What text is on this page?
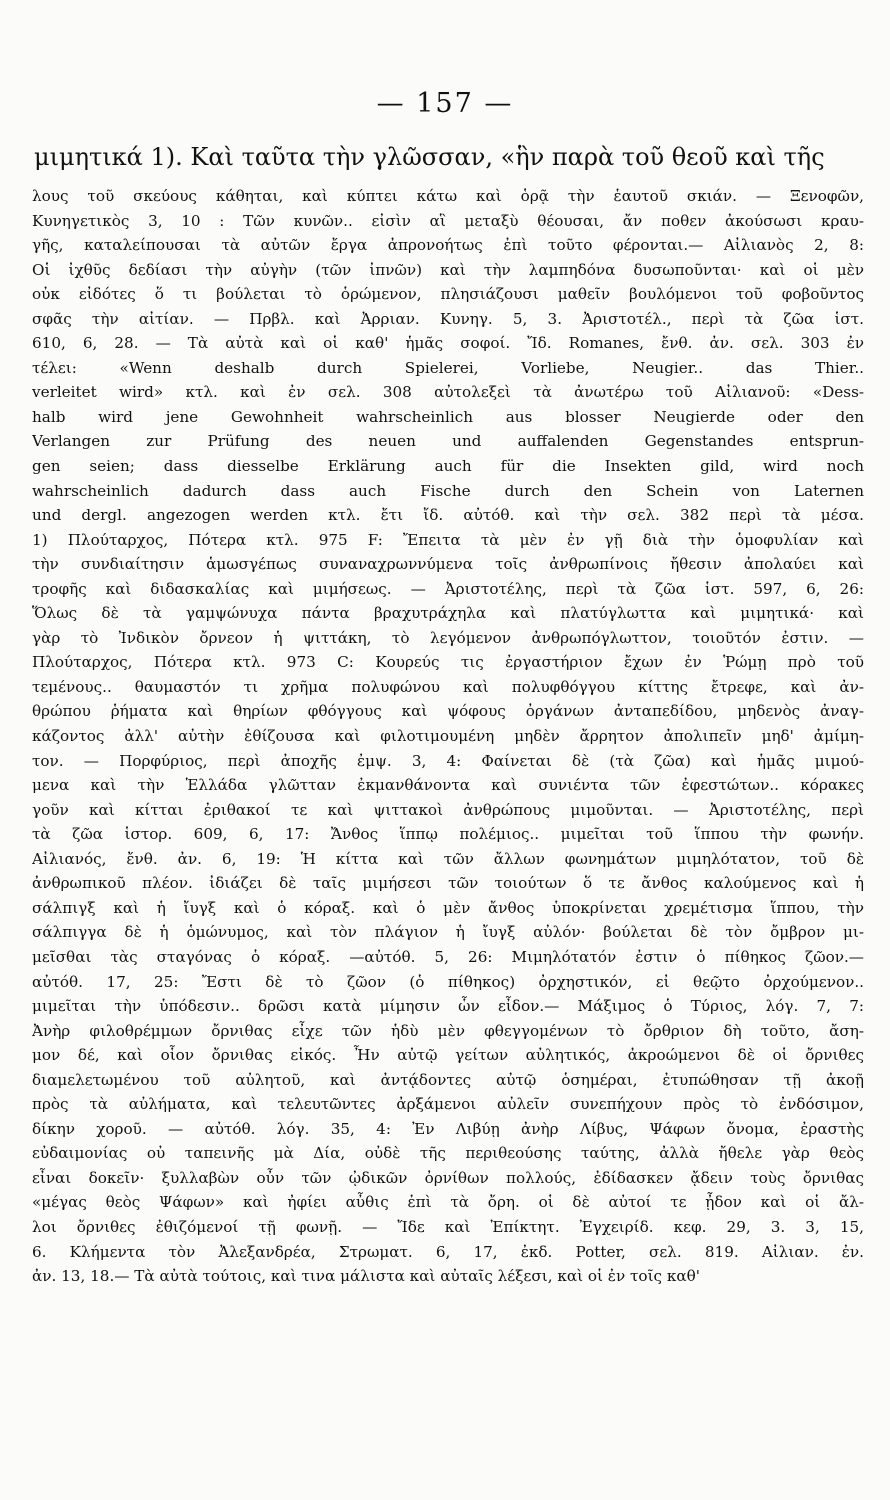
— 157 —
μιμητικά 1). Καὶ ταῦτα τὴν γλῶσσαν, «ἣν παρὰ τοῦ θεοῦ καὶ τῆς
λους τοῦ σκεύους κάθηται, καὶ κύπτει κάτω καὶ ὁρᾷ τὴν ἑαυτοῦ σκιάν. — Ξενοφῶν,
Κυνηγετικὸς 3, 10 : Τῶν κυνῶν.. εἰσὶν αἳ μεταξὺ θέουσαι, ἄν ποθεν ἀκούσωσι κραυ-
γῆς, καταλείπουσαι τὰ αὐτῶν ἔργα ἀπρονοήτως ἐπὶ τοῦτο φέρονται.— Αἰλιανὸς 2, 8:
Οἱ ἰχθῦς δεδίασι τὴν αὐγὴν (τῶν ἰπνῶν) καὶ τὴν λαμπηδόνα δυσωποῦνται· καὶ οἱ μὲν
οὐκ εἰδότες ὅ τι βούλεται τὸ ὁρώμενον, πλησιάζουσι μαθεῖν βουλόμενοι τοῦ φοβοῦντος
σφᾶς τὴν αἰτίαν. — Πρβλ. καὶ Ἀρριαν. Κυνηγ. 5, 3. Ἀριστοτέλ., περὶ τὰ ζῶα ἱστ.
610, 6, 28. — Τὰ αὐτὰ καὶ οἱ καθ' ἡμᾶς σοφοί. Ἴδ. Romanes, ἔνθ. ἀν. σελ. 303 ἐν
τέλει: «Wenn deshalb durch Spielerei, Vorliebe, Neugier.. das Thier..
verleitet wird» κτλ. καὶ ἐν σελ. 308 αὐτολεξεὶ τὰ ἀνωτέρω τοῦ Αἰλιανοῦ: «Dess-
halb wird jene Gewohnheit wahrscheinlich aus blosser Neugierde oder den
Verlangen zur Prüfung des neuen und auffalenden Gegenstandes entsprun-
gen seien; dass diesselbe Erklärung auch für die Insekten gild, wird noch
wahrscheinlich dadurch dass auch Fische durch den Schein von Laternen
und dergl. angezogen werden κτλ. ἔτι ἴδ. αὐτόθ. καὶ τὴν σελ. 382 περὶ τὰ μέσα.
1) Πλούταρχος, Πότερα κτλ. 975 F: Ἔπειτα τὰ μὲν ἐν γῇ διὰ τὴν ὁμοφυλίαν καὶ
τὴν συνδιαίτησιν ἁμωσγέπως συναναχρωννύμενα τοῖς ἀνθρωπίνοις ἤθεσιν ἀπολαύει καὶ
τροφῆς καὶ διδασκαλίας καὶ μιμήσεως. — Ἀριστοτέλης, περὶ τὰ ζῶα ἱστ. 597, 6, 26:
Ὅλως δὲ τὰ γαμψώνυχα πάντα βραχυτράχηλα καὶ πλατύγλωττα καὶ μιμητικά· καὶ
γὰρ τὸ Ἰνδικὸν ὄρνεον ἡ ψιττάκη, τὸ λεγόμενον ἀνθρωπόγλωττον, τοιοῦτόν ἐστιν. —
Πλούταρχος, Πότερα κτλ. 973 C: Κουρεύς τις ἐργαστήριον ἔχων ἐν Ῥώμῃ πρὸ τοῦ
τεμένους.. θαυμαστόν τι χρῆμα πολυφώνου καὶ πολυφθόγγου κίττης ἔτρεφε, καὶ ἀν-
θρώπου ῥήματα καὶ θηρίων φθόγγους καὶ ψόφους ὀργάνων ἀνταπεδίδου, μηδενὸς ἀναγ-
κάζοντος ἀλλ' αὐτὴν ἐθίζουσα καὶ φιλοτιμουμένη μηδὲν ἄρρητον ἀπολιπεῖν μηδ' ἀμίμη-
τον. — Πορφύριος, περὶ ἀποχῆς ἐμψ. 3, 4: Φαίνεται δὲ (τὰ ζῶα) καὶ ἡμᾶς μιμού-
μενα καὶ τὴν Ἑλλάδα γλῶτταν ἐκμανθάνοντα καὶ συνιέντα τῶν ἐφεστώτων.. κόρακες
γοῦν καὶ κίτται ἐριθακοί τε καὶ ψιττακοὶ ἀνθρώπους μιμοῦνται. — Ἀριστοτέλης, περὶ
τὰ ζῶα ἱστορ. 609, 6, 17: Ἄνθος ἵππῳ πολέμιος.. μιμεῖται τοῦ ἵππου τὴν φωνήν.
Αἰλιανός, ἔνθ. ἀν. 6, 19: Ἡ κίττα καὶ τῶν ἄλλων φωνημάτων μιμηλότατον, τοῦ δὲ
ἀνθρωπικοῦ πλέον. ἰδιάζει δὲ ταῖς μιμήσεσι τῶν τοιούτων ὅ τε ἄνθος καλούμενος καὶ ἡ
σάλπιγξ καὶ ἡ ἴυγξ καὶ ὁ κόραξ. καὶ ὁ μὲν ἄνθος ὑποκρίνεται χρεμέτισμα ἵππου, τὴν
σάλπιγγα δὲ ἡ ὁμώνυμος, καὶ τὸν πλάγιον ἡ ἴυγξ αὐλόν· βούλεται δὲ τὸν ὄμβρον μι-
μεῖσθαι τὰς σταγόνας ὁ κόραξ. —αὐτόθ. 5, 26: Μιμηλότατόν ἐστιν ὁ πίθηκος ζῶον.—
αὐτόθ. 17, 25: Ἔστι δὲ τὸ ζῶον (ὁ πίθηκος) ὀρχηστικόν, εἰ θεῷτο ὀρχούμενον..
μιμεῖται τὴν ὑπόδεσιν.. δρῶσι κατὰ μίμησιν ὧν εἶδον.— Μάξιμος ὁ Τύριος, λόγ. 7, 7:
Ἀνὴρ φιλοθρέμμων ὄρνιθας εἶχε τῶν ἡδὺ μὲν φθεγγομένων τὸ ὄρθριον δὴ τοῦτο, ἄση-
μον δέ, καὶ οἷον ὄρνιθας εἰκός. Ἦν αὐτῷ γείτων αὐλητικός, ἀκροώμενοι δὲ οἱ ὄρνιθες
διαμελετωμένου τοῦ αὐλητοῦ, καὶ ἀντᾴδοντες αὐτῷ ὁσημέραι, ἐτυπώθησαν τῇ ἀκοῇ
πρὸς τὰ αὐλήματα, καὶ τελευτῶντες ἀρξάμενοι αὐλεῖν συνεπήχουν πρὸς τὸ ἐνδόσιμον,
δίκην χοροῦ. — αὐτόθ. λόγ. 35, 4: Ἐν Λιβύῃ ἀνὴρ Λίβυς, Ψάφων ὄνομα, ἐραστὴς
εὐδαιμονίας οὐ ταπεινῆς μὰ Δία, οὐδὲ τῆς περιθεούσης ταύτης, ἀλλὰ ἤθελε γὰρ θεὸς
εἶναι δοκεῖν· ξυλλαβὼν οὖν τῶν ᾠδικῶν ὀρνίθων πολλούς, ἐδίδασκεν ᾄδειν τοὺς ὄρνιθας
«μέγας θεὸς Ψάφων» καὶ ἠφίει αὖθις ἐπὶ τὰ ὄρη. οἱ δὲ αὐτοί τε ᾖδον καὶ οἱ ἄλ-
λοι ὄρνιθες ἐθιζόμενοί τῇ φωνῇ. — Ἴδε καὶ Ἐπίκτητ. Ἐγχειρίδ. κεφ. 29, 3. 3, 15,
6. Κλήμεντα τὸν Ἀλεξανδρέα, Στρωματ. 6, 17, ἐκδ. Potter, σελ. 819. Αἰλιαν. ἐν.
ἀν. 13, 18.— Τὰ αὐτὰ τούτοις, καὶ τινα μάλιστα καὶ αὐταῖς λέξεσι, καὶ οἱ ἐν τοῖς καθ'
